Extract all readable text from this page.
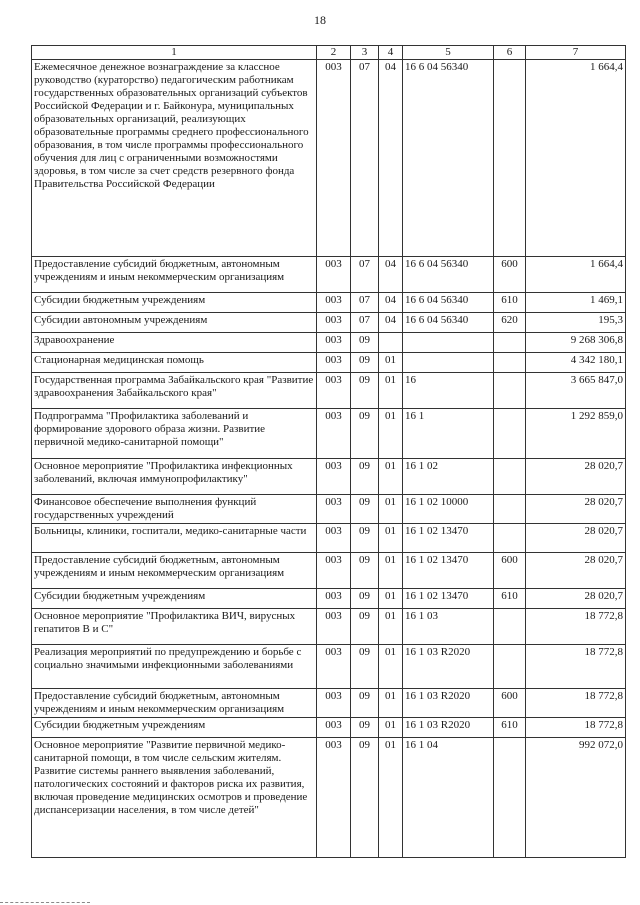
18
1	2	3	4	5	6	7
Ежемесячное денежное вознаграждение за классное руководство (кураторство) педагогическим работникам государственных образовательных организаций субъектов Российской Федерации и г. Байконура, муниципальных образовательных организаций, реализующих образовательные программы среднего профессионального образования, в том числе программы профессионального обучения для лиц с ограниченными возможностями здоровья, в том числе за счет средств резервного фонда Правительства Российской Федерации	003	07	04	16 6 04 56340		1 664,4
Предоставление субсидий бюджетным, автономным учреждениям и иным некоммерческим организациям	003	07	04	16 6 04 56340	600	1 664,4
Субсидии бюджетным учреждениям	003	07	04	16 6 04 56340	610	1 469,1
Субсидии автономным учреждениям	003	07	04	16 6 04 56340	620	195,3
Здравоохранение	003	09				9 268 306,8
Стационарная медицинская помощь	003	09	01			4 342 180,1
Государственная программа Забайкальского края "Развитие здравоохранения Забайкальского края"	003	09	01	16		3 665 847,0
Подпрограмма "Профилактика заболеваний и формирование здорового образа жизни. Развитие первичной медико-санитарной помощи"	003	09	01	16 1		1 292 859,0
Основное мероприятие "Профилактика инфекционных заболеваний, включая иммунопрофилактику"	003	09	01	16 1 02		28 020,7
Финансовое обеспечение выполнения функций государственных учреждений	003	09	01	16 1 02 10000		28 020,7
Больницы, клиники, госпитали, медико-санитарные части	003	09	01	16 1 02 13470		28 020,7
Предоставление субсидий бюджетным, автономным учреждениям и иным некоммерческим организациям	003	09	01	16 1 02 13470	600	28 020,7
Субсидии бюджетным учреждениям	003	09	01	16 1 02 13470	610	28 020,7
Основное мероприятие "Профилактика ВИЧ, вирусных гепатитов В и С"	003	09	01	16 1 03		18 772,8
Реализация мероприятий по предупреждению и борьбе с социально значимыми инфекционными заболеваниями	003	09	01	16 1 03 R2020		18 772,8
Предоставление субсидий бюджетным, автономным учреждениям и иным некоммерческим организациям	003	09	01	16 1 03 R2020	600	18 772,8
Субсидии бюджетным учреждениям	003	09	01	16 1 03 R2020	610	18 772,8
Основное мероприятие "Развитие первичной медико-санитарной помощи, в том числе сельским жителям. Развитие системы раннего выявления заболеваний, патологических состояний и факторов риска их развития, включая проведение медицинских осмотров и проведение диспансеризации населения, в том числе детей"	003	09	01	16 1 04		992 072,0
